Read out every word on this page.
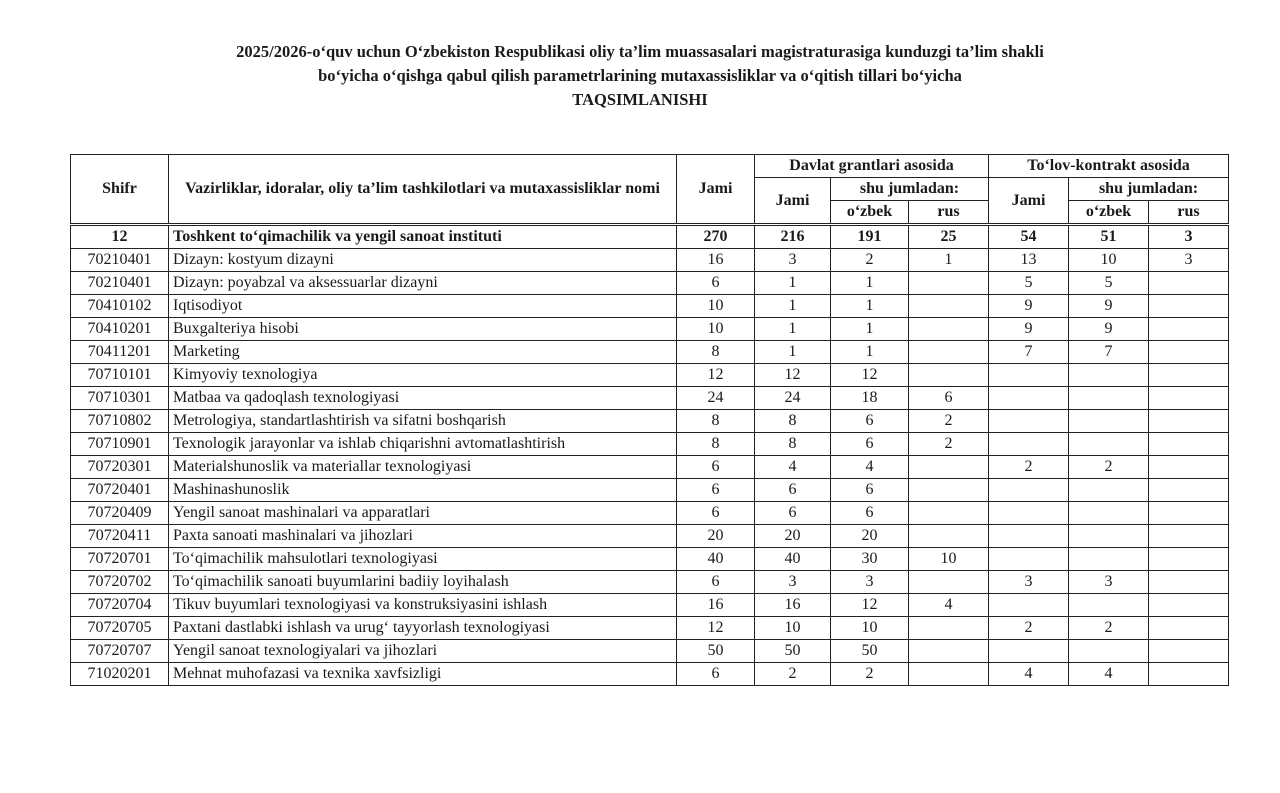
2025/2026-o‘quv uchun O‘zbekiston Respublikasi oliy ta’lim muassasalari magistraturasiga kunduzgi ta’lim shakli
bo‘yicha o‘qishga qabul qilish parametrlarining mutaxassisliklar va o‘qitish tillari bo‘yicha
TAQSIMLANISHI
Shifr	Vazirliklar, idoralar, oliy ta’lim tashkilotlari va mutaxassisliklar nomi	Jami	Davlat grantlari asosida			To‘lov-kontrakt asosida		
			Jami	shu jumladan:		Jami	shu jumladan:	
				o‘zbek	rus		o‘zbek	rus
12	Toshkent to‘qimachilik va yengil sanoat instituti	270	216	191	25	54	51	3
70210401	Dizayn: kostyum dizayni	16	3	2	1	13	10	3
70210401	Dizayn: poyabzal va aksessuarlar dizayni	6	1	1		5	5	
70410102	Iqtisodiyot	10	1	1		9	9	
70410201	Buxgalteriya hisobi	10	1	1		9	9	
70411201	Marketing	8	1	1		7	7	
70710101	Kimyoviy texnologiya	12	12	12				
70710301	Matbaa va qadoqlash texnologiyasi	24	24	18	6			
70710802	Metrologiya, standartlashtirish va sifatni boshqarish	8	8	6	2			
70710901	Texnologik jarayonlar va ishlab chiqarishni avtomatlashtirish	8	8	6	2			
70720301	Materialshunoslik va materiallar texnologiyasi	6	4	4		2	2	
70720401	Mashinashunoslik	6	6	6				
70720409	Yengil sanoat mashinalari va apparatlari	6	6	6				
70720411	Paxta sanoati mashinalari va jihozlari	20	20	20				
70720701	To‘qimachilik mahsulotlari texnologiyasi	40	40	30	10			
70720702	To‘qimachilik sanoati buyumlarini badiiy loyihalash	6	3	3		3	3	
70720704	Tikuv buyumlari texnologiyasi va konstruksiyasini ishlash	16	16	12	4			
70720705	Paxtani dastlabki ishlash va urug‘ tayyorlash texnologiyasi	12	10	10		2	2	
70720707	Yengil sanoat texnologiyalari va jihozlari	50	50	50				
71020201	Mehnat muhofazasi va texnika xavfsizligi	6	2	2		4	4	
